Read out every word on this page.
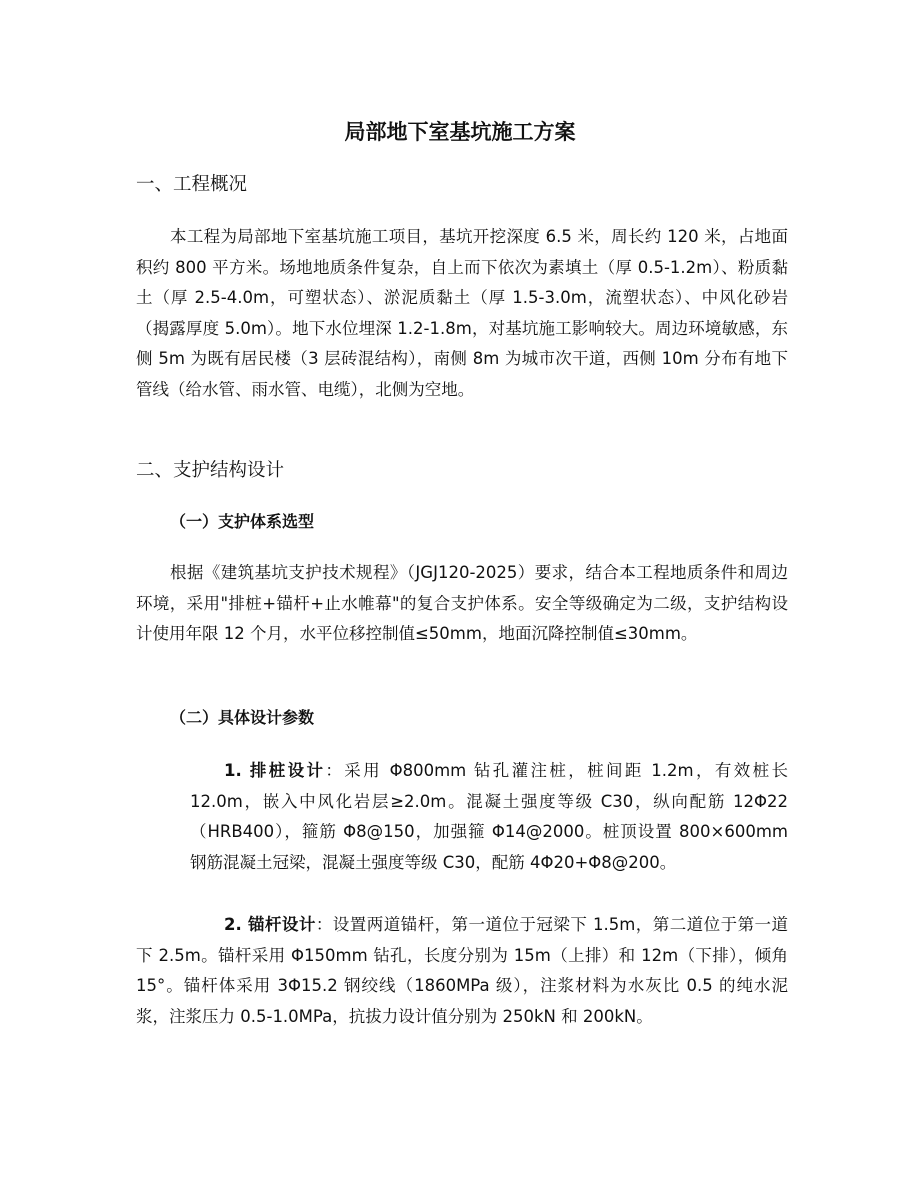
局部地下室基坑施工方案
一、工程概况

本工程为局部地下室基坑施工项目，基坑开挖深度 6.5 米，周长约 120 米，占地面积约 800 平方米。场地地质条件复杂，自上而下依次为素填土（厚 0.5-1.2m）、粉质黏土（厚 2.5-4.0m，可塑状态）、淤泥质黏土（厚 1.5-3.0m，流塑状态）、中风化砂岩（揭露厚度 5.0m）。地下水位埋深 1.2-1.8m，对基坑施工影响较大。周边环境敏感，东侧 5m 为既有居民楼（3 层砖混结构），南侧 8m 为城市次干道，西侧 10m 分布有地下管线（给水管、雨水管、电缆），北侧为空地。

二、支护结构设计
（一）支护体系选型

根据《建筑基坑支护技术规程》（JGJ120-2025）要求，结合本工程地质条件和周边环境，采用"排桩+锚杆+止水帷幕"的复合支护体系。安全等级确定为二级，支护结构设计使用年限 12 个月，水平位移控制值≤50mm，地面沉降控制值≤30mm。

（二）具体设计参数

1. 排桩设计：采用 Φ800mm 钻孔灌注桩，桩间距 1.2m，有效桩长 12.0m，嵌入中风化岩层≥2.0m。混凝土强度等级 C30，纵向配筋 12Φ22（HRB400），箍筋 Φ8@150，加强箍 Φ14@2000。桩顶设置 800×600mm 钢筋混凝土冠梁，混凝土强度等级 C30，配筋 4Φ20+Φ8@200。

2. 锚杆设计：设置两道锚杆，第一道位于冠梁下 1.5m，第二道位于第一道下 2.5m。锚杆采用 Φ150mm 钻孔，长度分别为 15m（上排）和 12m（下排），倾角 15°。锚杆体采用 3Φ15.2 钢绞线（1860MPa 级），注浆材料为水灰比 0.5 的纯水泥浆，注浆压力 0.5-1.0MPa，抗拔力设计值分别为 250kN 和 200kN。
